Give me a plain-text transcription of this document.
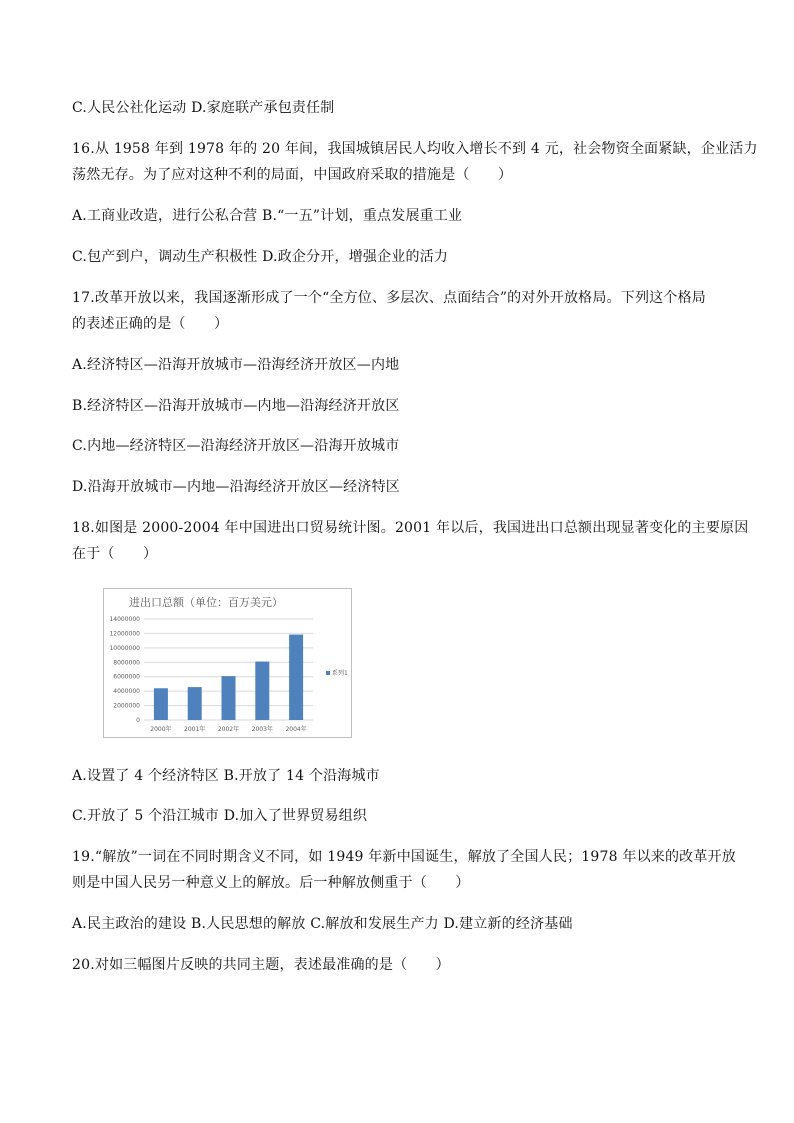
C.人民公社化运动 D.家庭联产承包责任制
16.从 1958 年到 1978 年的 20 年间，我国城镇居民人均收入增长不到 4 元，社会物资全面紧缺，企业活力
荡然无存。为了应对这种不利的局面，中国政府采取的措施是（　　）
A.工商业改造，进行公私合营 B.“一五”计划，重点发展重工业
C.包产到户，调动生产积极性 D.政企分开，增强企业的活力
17.改革开放以来，我国逐渐形成了一个“全方位、多层次、点面结合”的对外开放格局。下列这个格局
的表述正确的是（　　）
A.经济特区—沿海开放城市—沿海经济开放区—内地
B.经济特区—沿海开放城市—内地—沿海经济开放区
C.内地—经济特区—沿海经济开放区—沿海开放城市
D.沿海开放城市—内地—沿海经济开放区—经济特区
18.如图是 2000-2004 年中国进出口贸易统计图。2001 年以后，我国进出口总额出现显著变化的主要原因
在于（　　）
进出口总额（单位：百万美元）
0
2000000
4000000
6000000
8000000
10000000
12000000
14000000
2000年 2001年 2002年 2003年 2004年
系列1
A.设置了 4 个经济特区 B.开放了 14 个沿海城市
C.开放了 5 个沿江城市 D.加入了世界贸易组织
19.“解放”一词在不同时期含义不同，如 1949 年新中国诞生，解放了全国人民；1978 年以来的改革开放
则是中国人民另一种意义上的解放。后一种解放侧重于（　　）
A.民主政治的建设 B.人民思想的解放 C.解放和发展生产力 D.建立新的经济基础
20.对如三幅图片反映的共同主题，表述最准确的是（　　）
